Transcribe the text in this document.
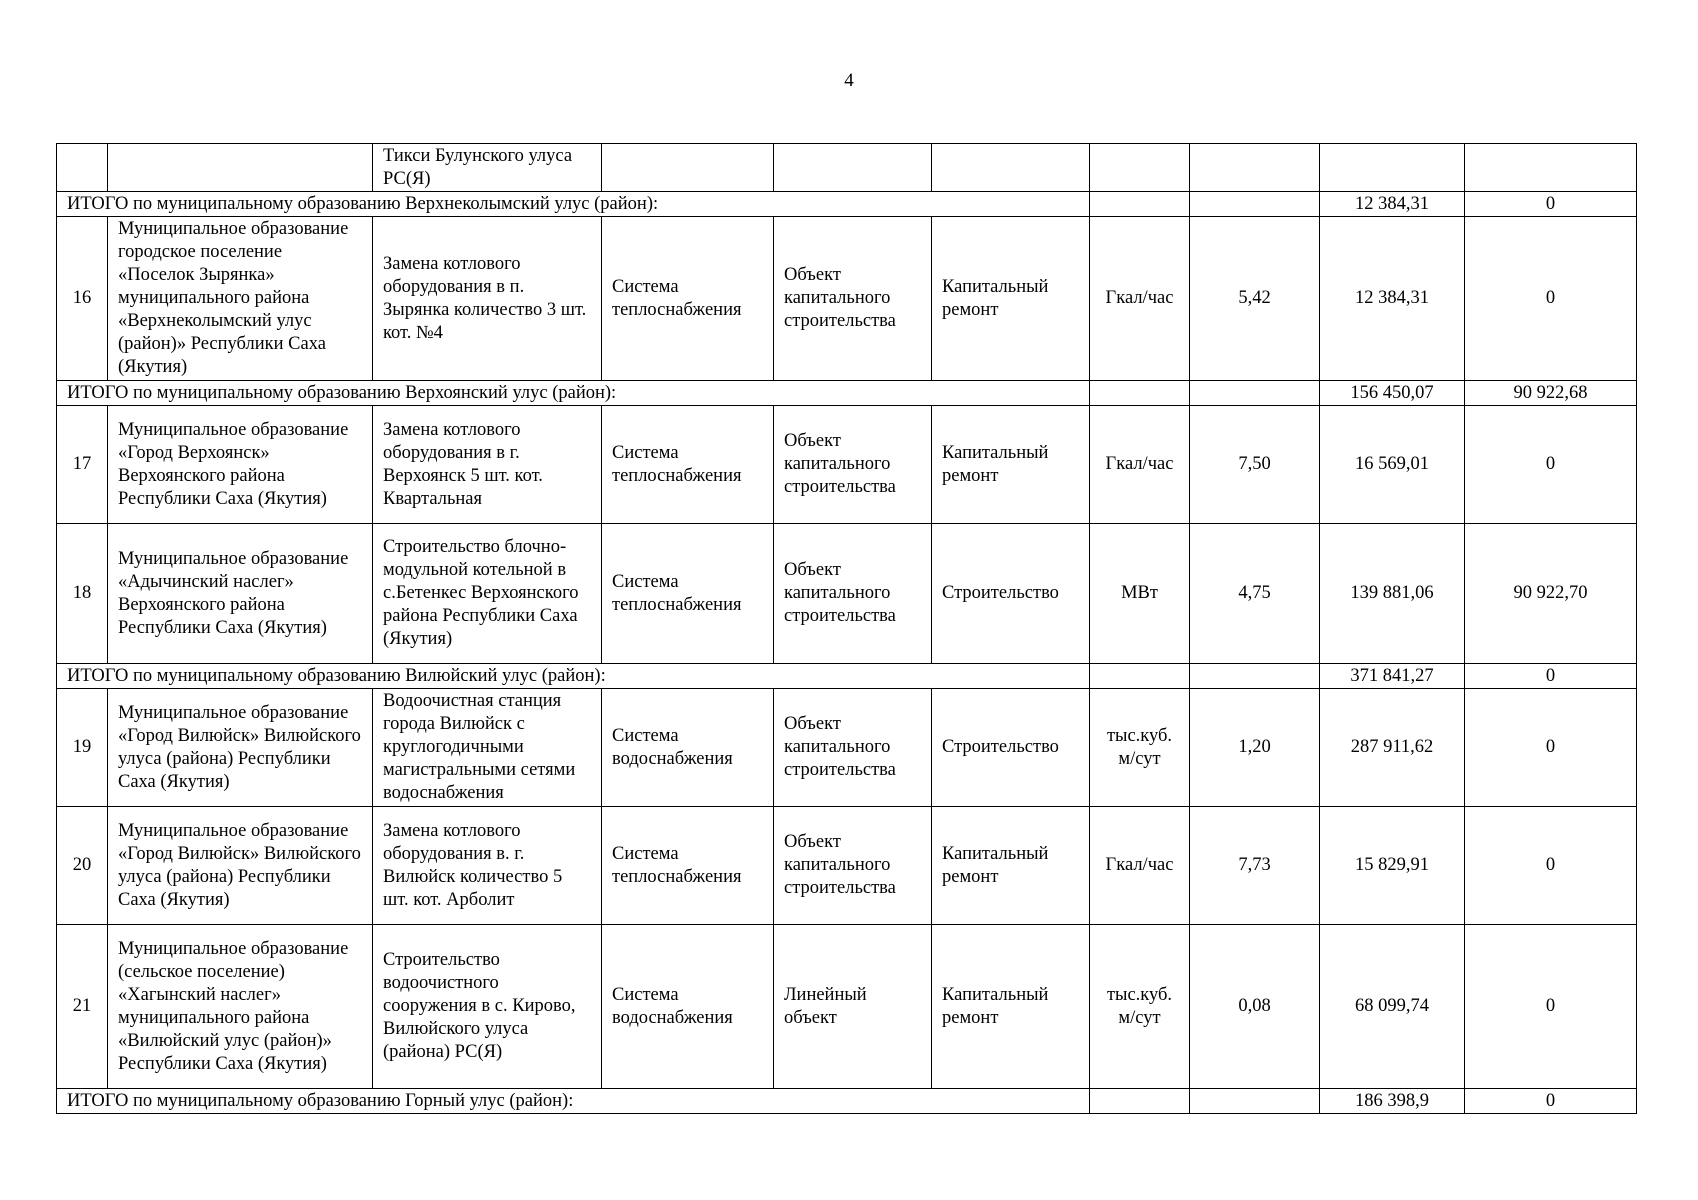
4
		Тикси Булунского улуса РС(Я)							
ИТОГО по муниципальному образованию Верхнеколымский улус (район):								12 384,31	0
16	Муниципальное образование городское поселение «Поселок Зырянка» муниципального района «Верхнеколымский улус (район)» Республики Саха (Якутия)	Замена котлового оборудования в п. Зырянка количество 3 шт. кот. №4	Система теплоснабжения	Объект капитального строительства	Капитальный ремонт	Гкал/час	5,42	12 384,31	0
ИТОГО по муниципальному образованию Верхоянский улус (район):								156 450,07	90 922,68
17	Муниципальное образование «Город Верхоянск» Верхоянского района Республики Саха (Якутия)	Замена котлового оборудования в г. Верхоянск 5 шт. кот. Квартальная	Система теплоснабжения	Объект капитального строительства	Капитальный ремонт	Гкал/час	7,50	16 569,01	0
18	Муниципальное образование «Адычинский наслег» Верхоянского района Республики Саха (Якутия)	Строительство блочно-модульной котельной в с.Бетенкес Верхоянского района Республики Саха (Якутия)	Система теплоснабжения	Объект капитального строительства	Строительство	МВт	4,75	139 881,06	90 922,70
ИТОГО по муниципальному образованию Вилюйский улус (район):								371 841,27	0
19	Муниципальное образование «Город Вилюйск» Вилюйского улуса (района) Республики Саха (Якутия)	Водоочистная станция города Вилюйск с круглогодичными магистральными сетями водоснабжения	Система водоснабжения	Объект капитального строительства	Строительство	тыс.куб. м/сут	1,20	287 911,62	0
20	Муниципальное образование «Город Вилюйск» Вилюйского улуса (района) Республики Саха (Якутия)	Замена котлового оборудования в. г. Вилюйск количество 5 шт. кот. Арболит	Система теплоснабжения	Объект капитального строительства	Капитальный ремонт	Гкал/час	7,73	15 829,91	0
21	Муниципальное образование (сельское поселение) «Хагынский наслег» муниципального района «Вилюйский улус (район)» Республики Саха (Якутия)	Строительство водоочистного сооружения в с. Кирово, Вилюйского улуса (района) РС(Я)	Система водоснабжения	Линейный объект	Капитальный ремонт	тыс.куб. м/сут	0,08	68 099,74	0
ИТОГО по муниципальному образованию Горный улус (район):								186 398,9	0
